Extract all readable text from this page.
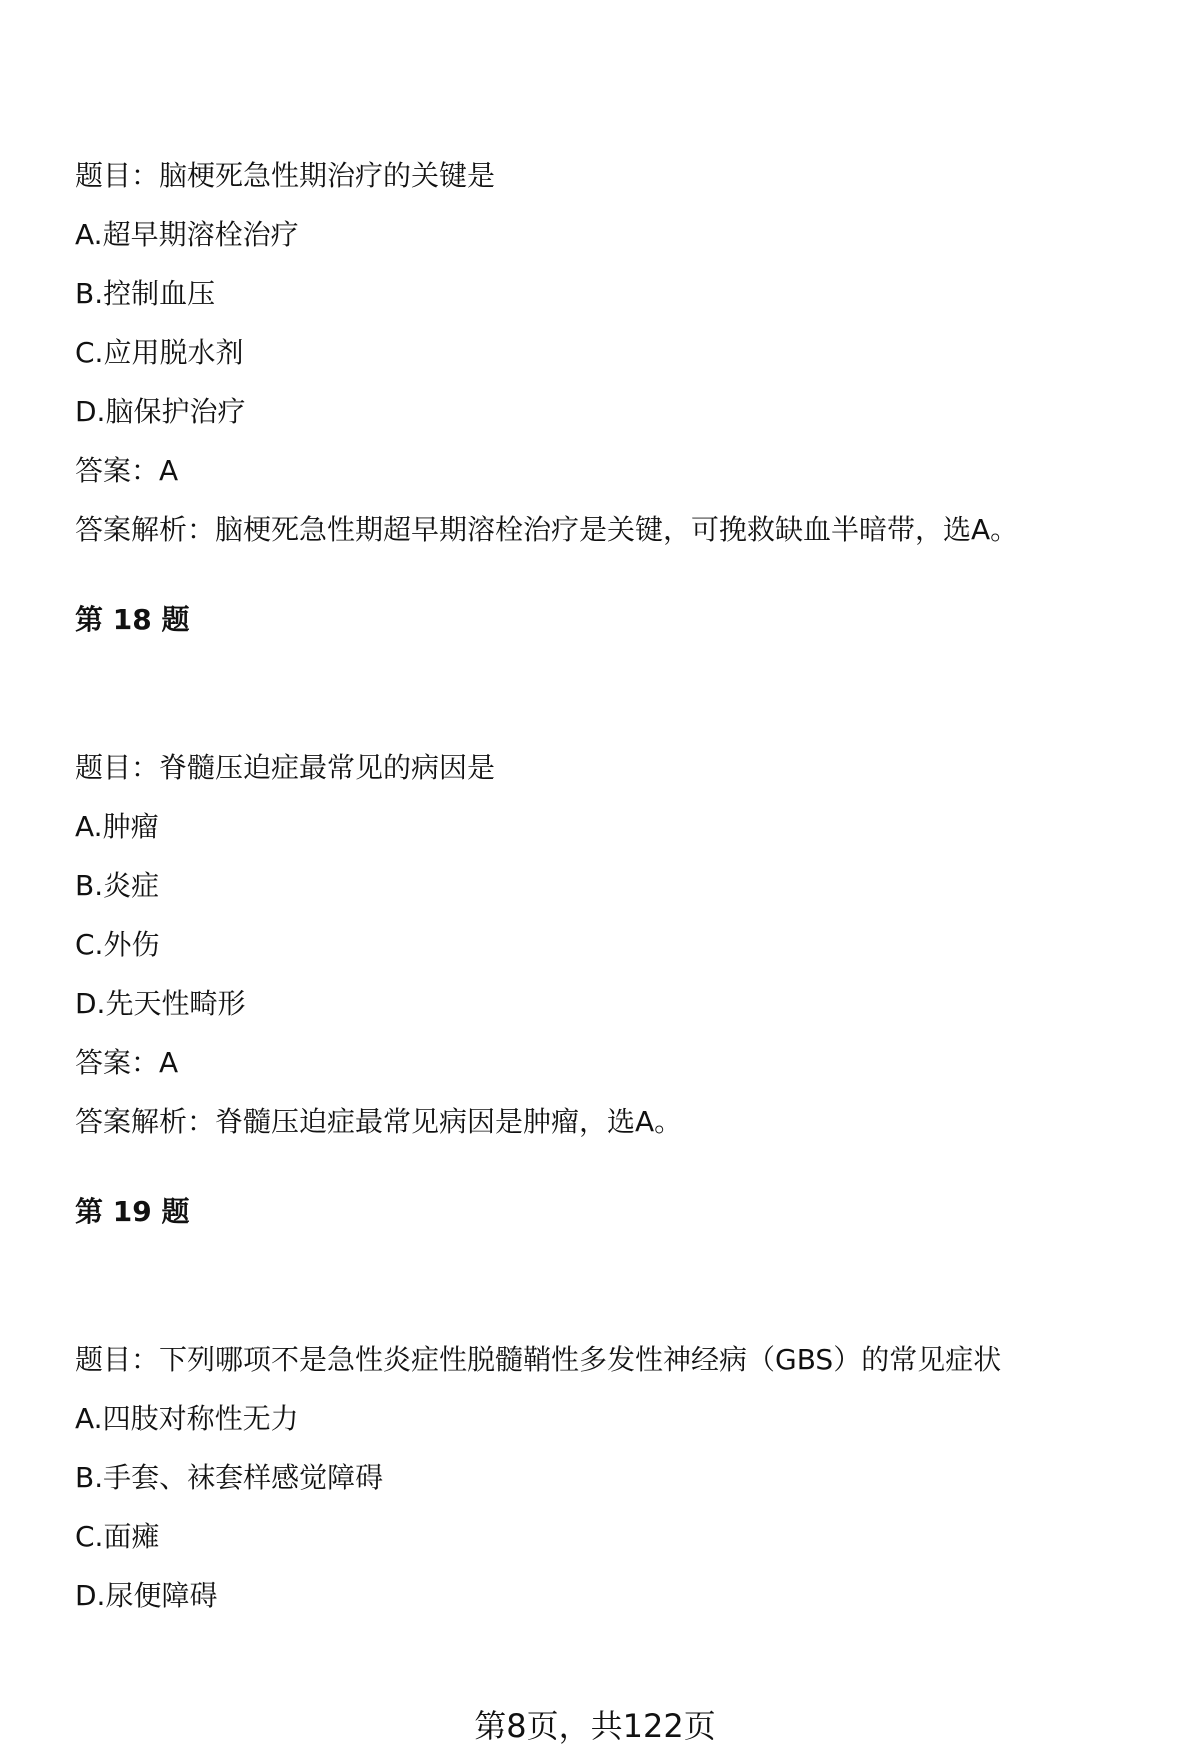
题目：脑梗死急性期治疗的关键是

A.超早期溶栓治疗

B.控制血压

C.应用脱水剂

D.脑保护治疗

答案：A

答案解析：脑梗死急性期超早期溶栓治疗是关键，可挽救缺血半暗带，选A。

第 18 题

题目：脊髓压迫症最常见的病因是

A.肿瘤

B.炎症

C.外伤

D.先天性畸形

答案：A

答案解析：脊髓压迫症最常见病因是肿瘤，选A。

第 19 题

题目：下列哪项不是急性炎症性脱髓鞘性多发性神经病（GBS）的常见症状

A.四肢对称性无力

B.手套、袜套样感觉障碍

C.面瘫

D.尿便障碍

第8页，共122页
